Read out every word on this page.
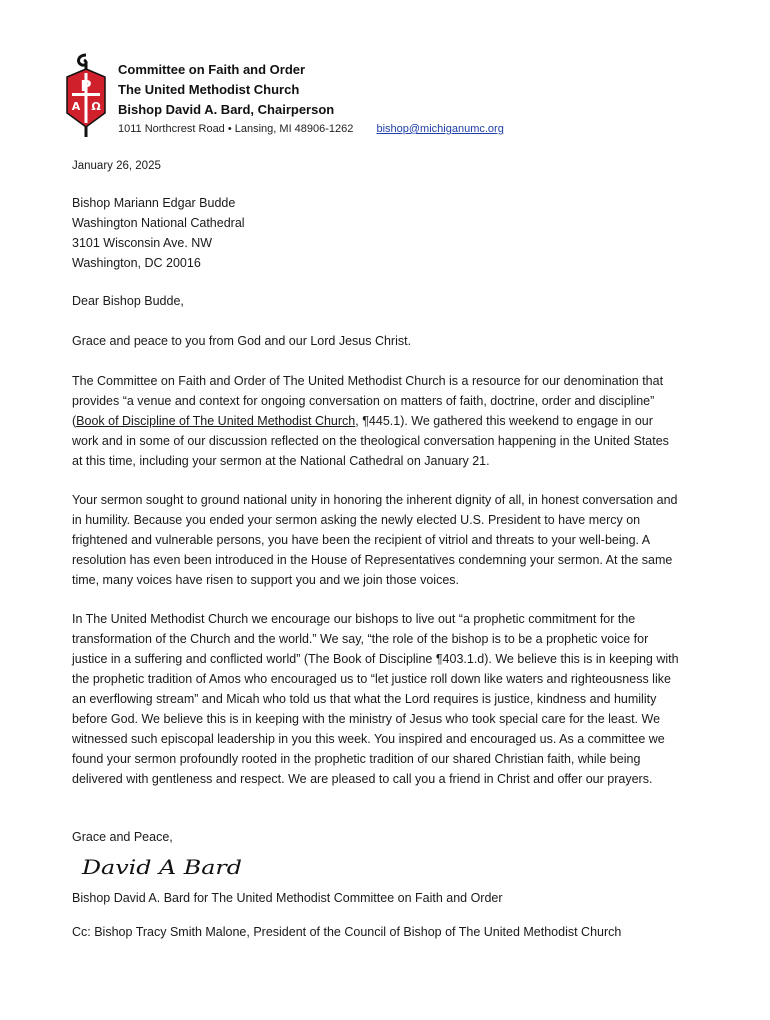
P
A Ω
Committee on Faith and Order
The United Methodist Church
Bishop David A. Bard, Chairperson
1011 Northcrest Road • Lansing, MI 48906-1262 bishop@michiganumc.org

January 26, 2025

Bishop Mariann Edgar Budde
Washington National Cathedral
3101 Wisconsin Ave. NW
Washington, DC 20016

Dear Bishop Budde,

Grace and peace to you from God and our Lord Jesus Christ.

The Committee on Faith and Order of The United Methodist Church is a resource for our denomination that provides “a venue and context for ongoing conversation on matters of faith, doctrine, order and discipline” (Book of Discipline of The United Methodist Church, ¶445.1). We gathered this weekend to engage in our work and in some of our discussion reflected on the theological conversation happening in the United States at this time, including your sermon at the National Cathedral on January 21.

Your sermon sought to ground national unity in honoring the inherent dignity of all, in honest conversation and in humility. Because you ended your sermon asking the newly elected U.S. President to have mercy on frightened and vulnerable persons, you have been the recipient of vitriol and threats to your well-being. A resolution has even been introduced in the House of Representatives condemning your sermon. At the same time, many voices have risen to support you and we join those voices.

In The United Methodist Church we encourage our bishops to live out “a prophetic commitment for the transformation of the Church and the world.” We say, “the role of the bishop is to be a prophetic voice for justice in a suffering and conflicted world” (The Book of Discipline ¶403.1.d). We believe this is in keeping with the prophetic tradition of Amos who encouraged us to “let justice roll down like waters and righteousness like an everflowing stream” and Micah who told us that what the Lord requires is justice, kindness and humility before God. We believe this is in keeping with the ministry of Jesus who took special care for the least. We witnessed such episcopal leadership in you this week. You inspired and encouraged us. As a committee we found your sermon profoundly rooted in the prophetic tradition of our shared Christian faith, while being delivered with gentleness and respect. We are pleased to call you a friend in Christ and offer our prayers.

Grace and Peace,

David A Bard

Bishop David A. Bard for The United Methodist Committee on Faith and Order

Cc: Bishop Tracy Smith Malone, President of the Council of Bishop of The United Methodist Church
